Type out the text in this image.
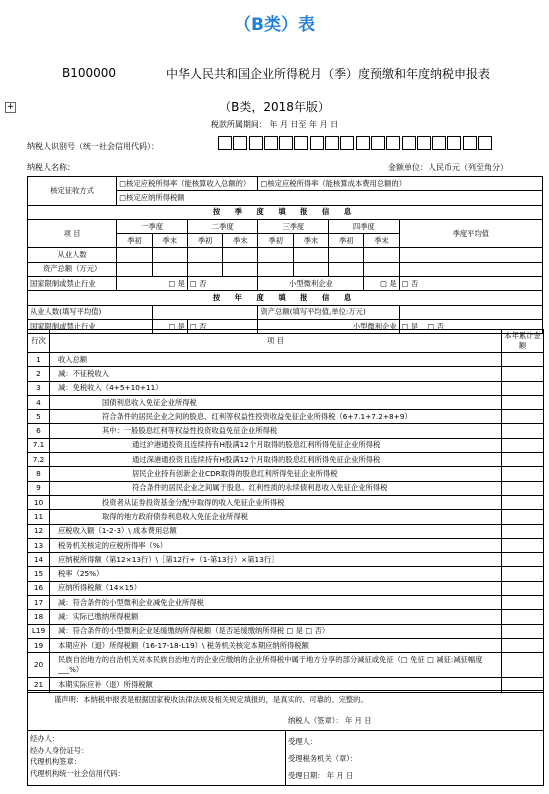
（B类）表
B100000	中华人民共和国企业所得税月（季）度预缴和年度纳税申报表
+	（B类，2018年版）
税款所属期间： 年 月 日至 年 月 日
纳税人识别号（统一社会信用代码）：
纳税人名称：	金额单位：人民币元（列至角分）
核定征收方式	□核定应税所得率（能核算收入总额的）				□核定应税所得率（能核算成本费用总额的）				
	□核定应纳所得税额								
按 季 度 填 报 信 息									
项 目	一季度		二季度		三季度		四季度		季度平均值
	季初	季末	季初	季末	季初	季末	季初	季末	
从业人数									
资产总额（万元）									
国家限制或禁止行业	□ 是		□ 否		小型微利企业			□ 是	□ 否
按 年 度 填 报 信 息									
从业人数(填写平均值)					资产总额(填写平均值,单位:万元)				
国家限制或禁止行业		□ 是	□ 否		小型微利企业				□ 是 □ 否
行次	项 目	本年累计金额
1	收入总额	
2	减：不征税收入	
3	减：免税收入（4+5+10+11）	
4	国债利息收入免征企业所得税	
5	符合条件的居民企业之间的股息、红利等权益性投资收益免征企业所得税（6+7.1+7.2+8+9）	
6	其中：一般股息红利等权益性投资收益免征企业所得税	
7.1	通过沪港通投资且连续持有H股满12个月取得的股息红利所得免征企业所得税	
7.2	通过深港通投资且连续持有H股满12个月取得的股息红利所得免征企业所得税	
8	居民企业持有创新企业CDR取得的股息红利所得免征企业所得税	
9	符合条件的居民企业之间属于股息、红利性质的永续债利息收入免征企业所得税	
10	投资者从证券投资基金分配中取得的收入免征企业所得税	
11	取得的地方政府债券利息收入免征企业所得税	
12	应税收入额（1-2-3）\ 成本费用总额	
13	税务机关核定的应税所得率（%）	
14	应纳税所得额（第12×13行）\［第12行÷（1-第13行）×第13行］	
15	税率（25%）	
16	应纳所得税额（14×15）	
17	减：符合条件的小型微利企业减免企业所得税	
18	减：实际已缴纳所得税额	
L19	减：符合条件的小型微利企业延缓缴纳所得税额（是否延缓缴纳所得税 □ 是 □ 否）	
19	本期应补（退）所得税额（16-17-18-L19）\ 税务机关核定本期应纳所得税额	
20	民族自治地方的自治机关对本民族自治地方的企业应缴纳的企业所得税中属于地方分享的部分减征或免征（□ 免征 □ 减征:减征幅度___%）	
21	本期实际应补（退）所得税额	
谨声明：本纳税申报表是根据国家税收法律法规及相关规定填报的，是真实的、可靠的、完整的。
纳税人（签章）： 年 月 日

经办人：
经办人身份证号：
代理机构签章：
代理机构统一社会信用代码：

受理人：
受理税务机关（章）：
受理日期： 年 月 日
